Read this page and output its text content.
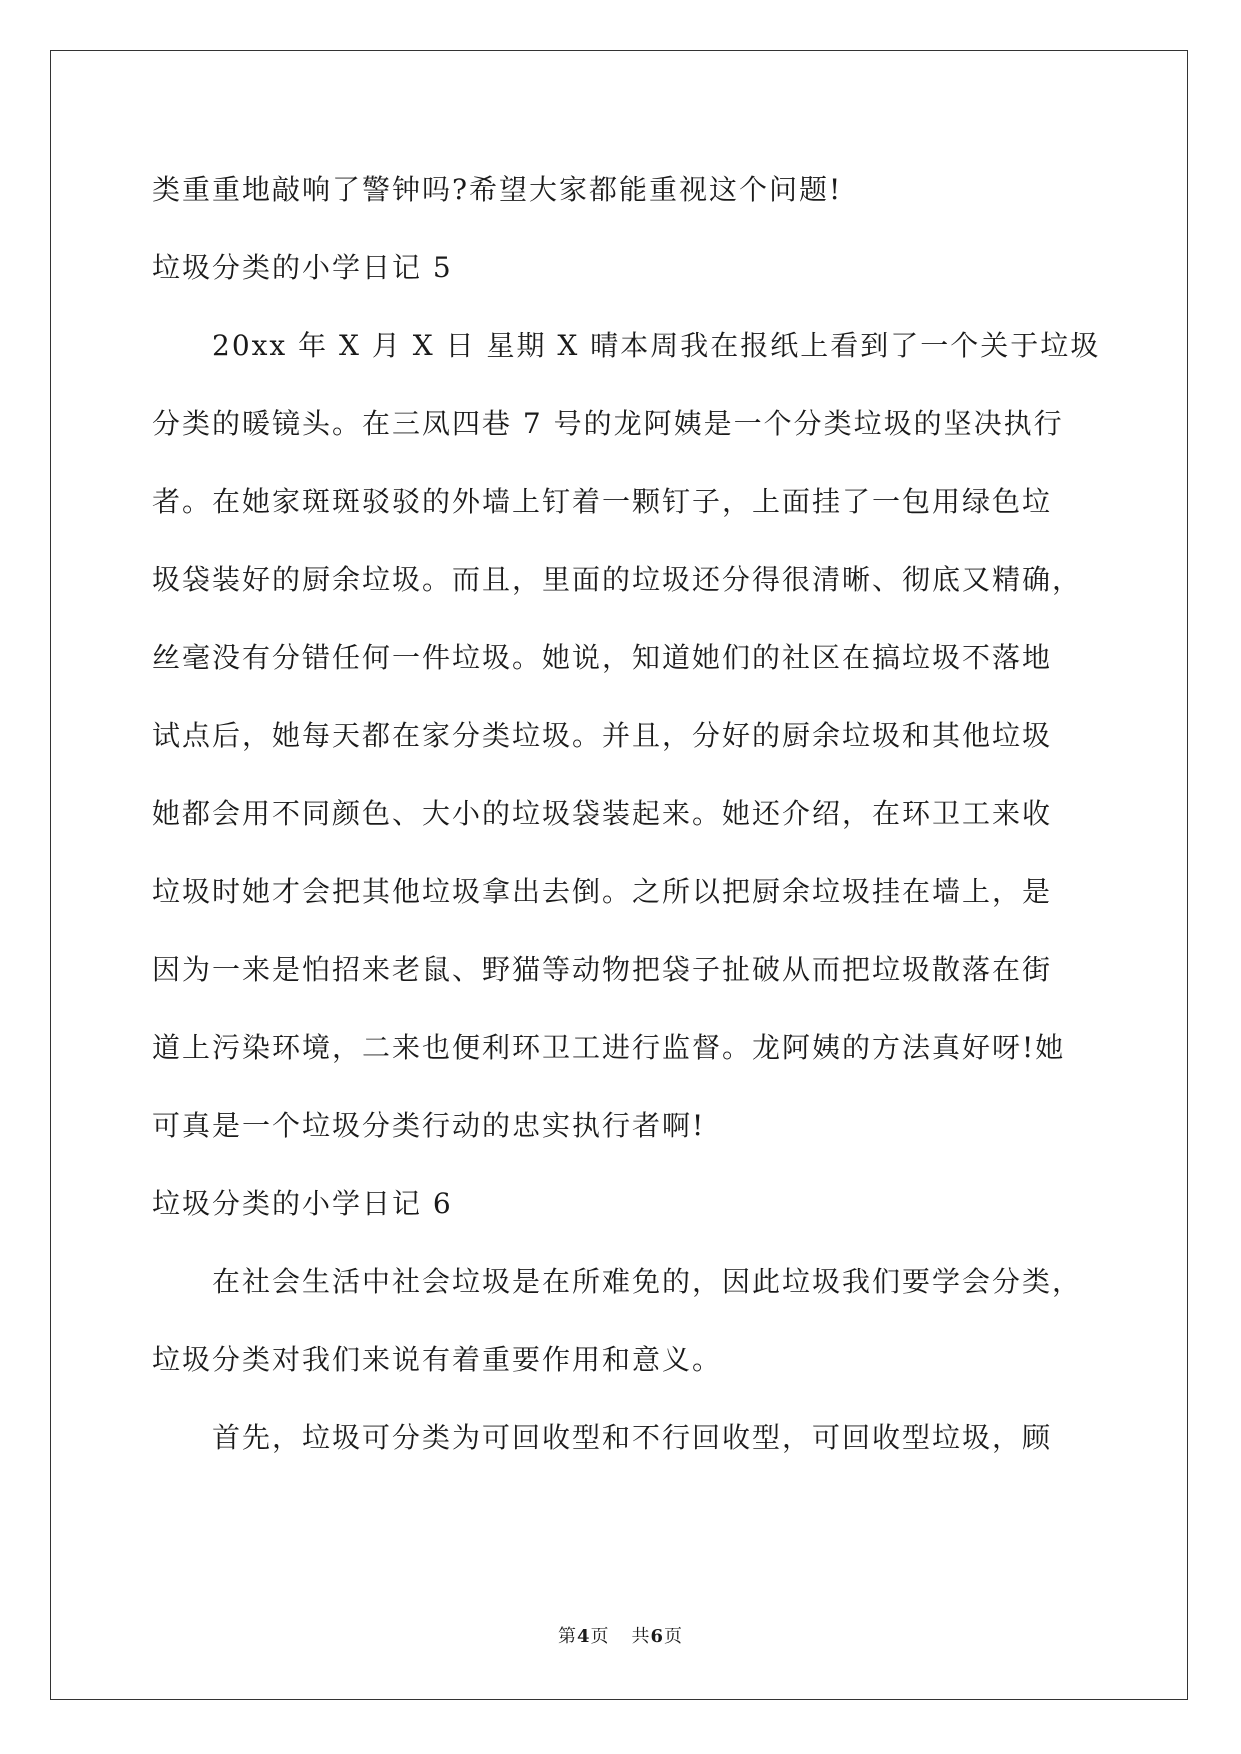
类重重地敲响了警钟吗?希望大家都能重视这个问题!
垃圾分类的小学日记 5
20xx 年 X 月 X 日 星期 X 晴本周我在报纸上看到了一个关于垃圾
分类的暖镜头。在三凤四巷 7 号的龙阿姨是一个分类垃圾的坚决执行
者。在她家斑斑驳驳的外墙上钉着一颗钉子，上面挂了一包用绿色垃
圾袋装好的厨余垃圾。而且，里面的垃圾还分得很清晰、彻底又精确，
丝毫没有分错任何一件垃圾。她说，知道她们的社区在搞垃圾不落地
试点后，她每天都在家分类垃圾。并且，分好的厨余垃圾和其他垃圾
她都会用不同颜色、大小的垃圾袋装起来。她还介绍，在环卫工来收
垃圾时她才会把其他垃圾拿出去倒。之所以把厨余垃圾挂在墙上，是
因为一来是怕招来老鼠、野猫等动物把袋子扯破从而把垃圾散落在街
道上污染环境，二来也便利环卫工进行监督。龙阿姨的方法真好呀!她
可真是一个垃圾分类行动的忠实执行者啊!
垃圾分类的小学日记 6
在社会生活中社会垃圾是在所难免的，因此垃圾我们要学会分类，
垃圾分类对我们来说有着重要作用和意义。
首先，垃圾可分类为可回收型和不行回收型，可回收型垃圾，顾
第4页 共6页
